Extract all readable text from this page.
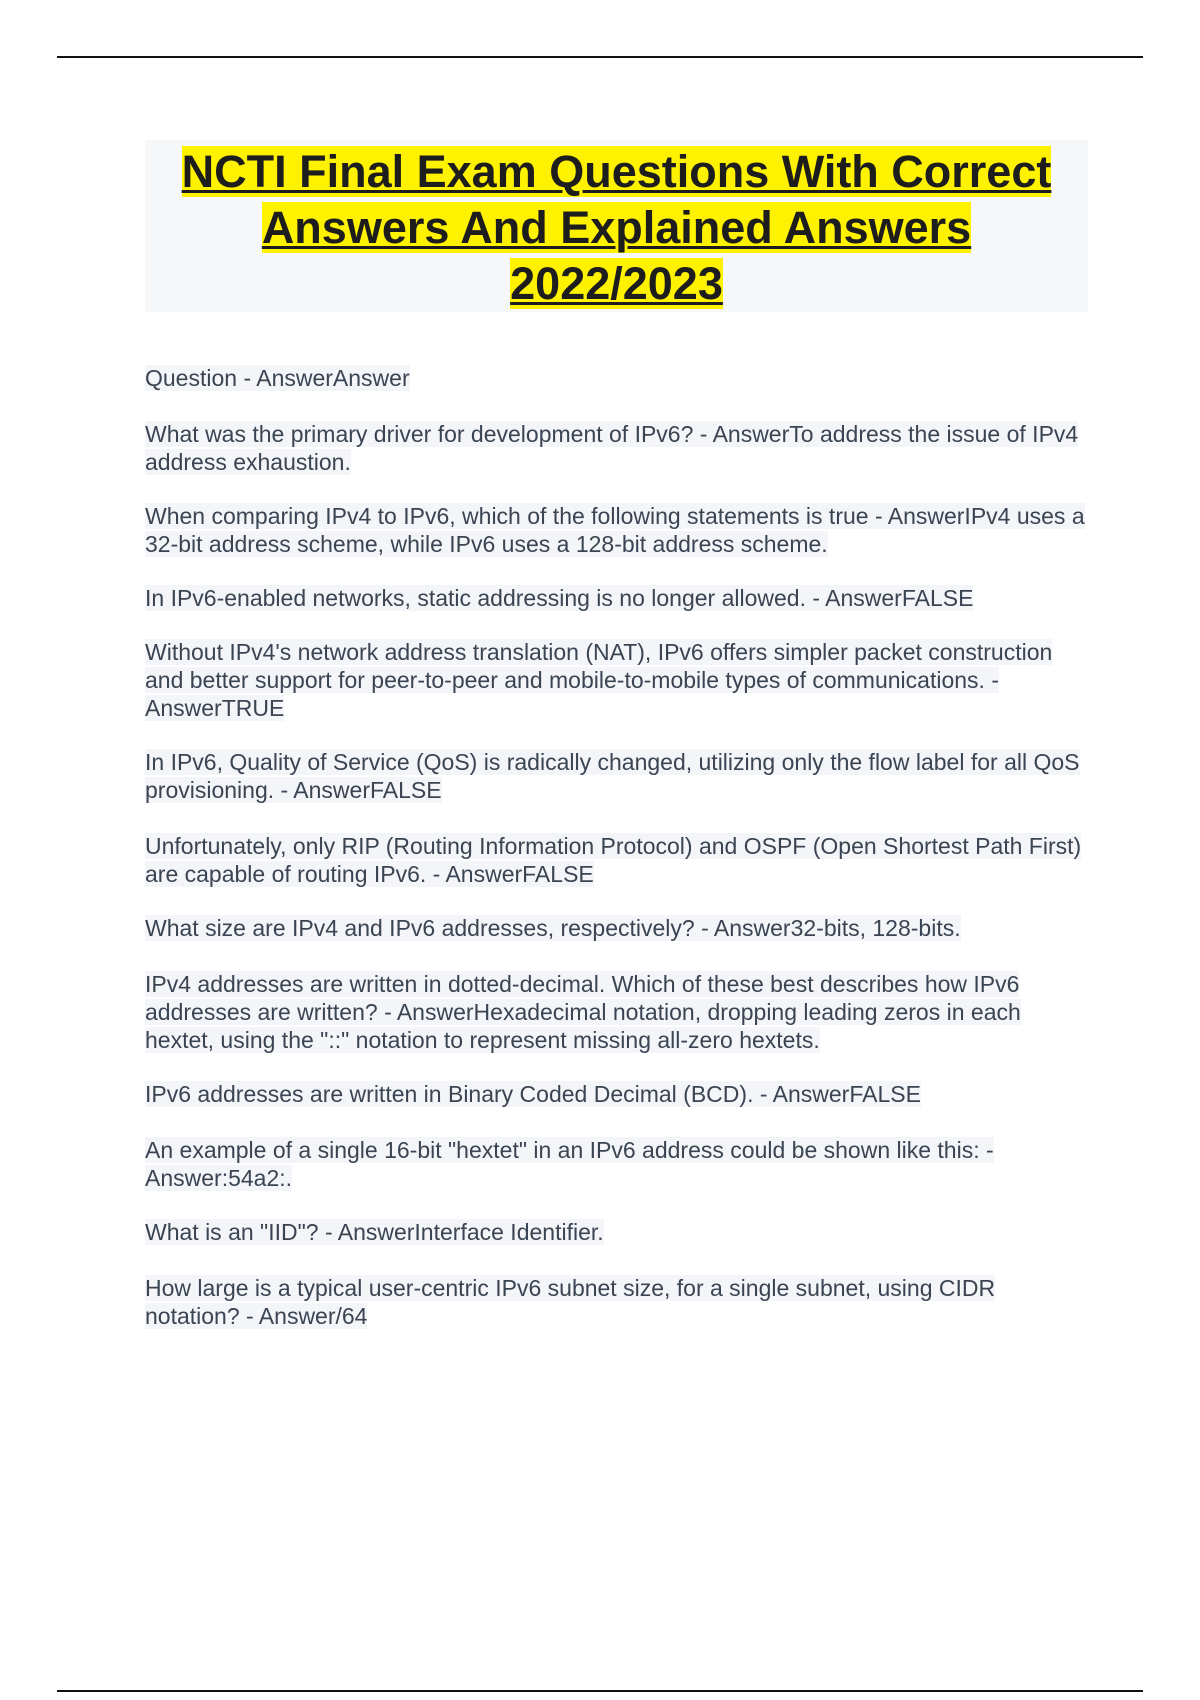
NCTI Final Exam Questions With Correct
Answers And Explained Answers
2022/2023
Question - AnswerAnswer
What was the primary driver for development of IPv6? - AnswerTo address the issue of IPv4 address exhaustion.
When comparing IPv4 to IPv6, which of the following statements is true - AnswerIPv4 uses a 32-bit address scheme, while IPv6 uses a 128-bit address scheme.
In IPv6-enabled networks, static addressing is no longer allowed. - AnswerFALSE
Without IPv4's network address translation (NAT), IPv6 offers simpler packet construction and better support for peer-to-peer and mobile-to-mobile types of communications. - AnswerTRUE
In IPv6, Quality of Service (QoS) is radically changed, utilizing only the flow label for all QoS provisioning. - AnswerFALSE
Unfortunately, only RIP (Routing Information Protocol) and OSPF (Open Shortest Path First) are capable of routing IPv6. - AnswerFALSE
What size are IPv4 and IPv6 addresses, respectively? - Answer32-bits, 128-bits.
IPv4 addresses are written in dotted-decimal. Which of these best describes how IPv6 addresses are written? - AnswerHexadecimal notation, dropping leading zeros in each hextet, using the "::" notation to represent missing all-zero hextets.
IPv6 addresses are written in Binary Coded Decimal (BCD). - AnswerFALSE
An example of a single 16-bit "hextet" in an IPv6 address could be shown like this: - Answer:54a2:.
What is an "IID"? - AnswerInterface Identifier.
How large is a typical user-centric IPv6 subnet size, for a single subnet, using CIDR notation? - Answer/64
